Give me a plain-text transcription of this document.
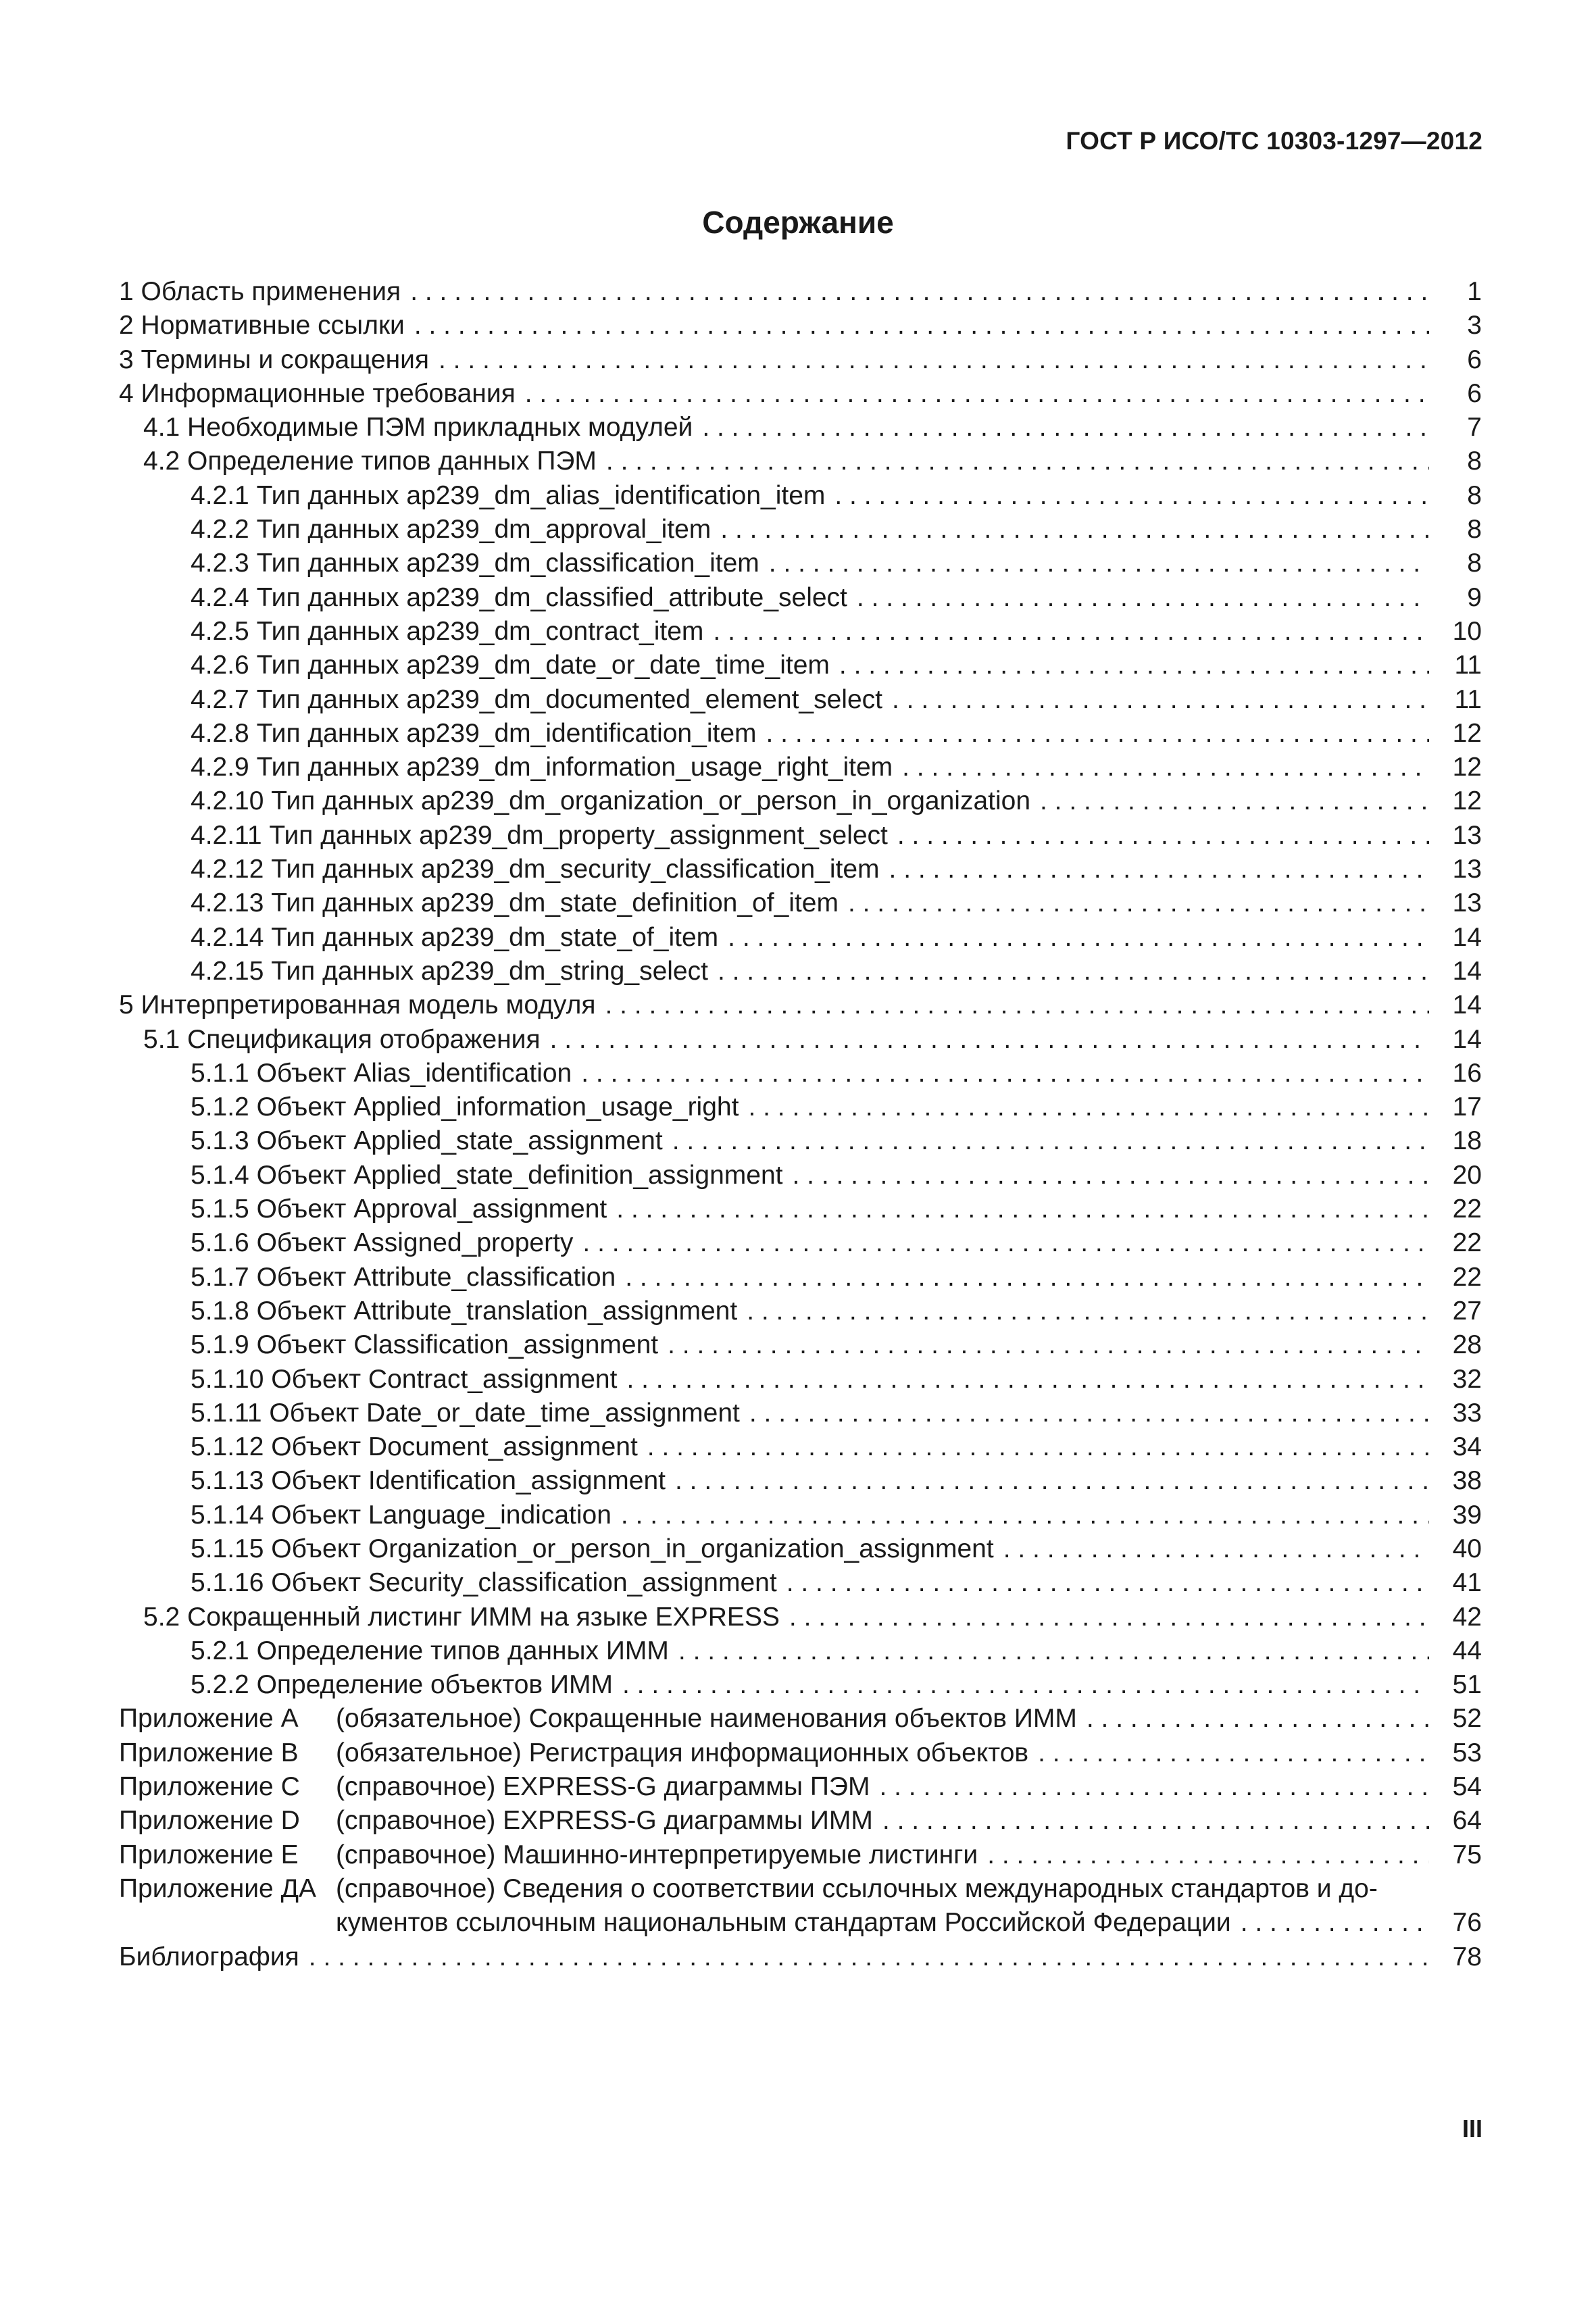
ГОСТ Р ИСО/ТС 10303-1297—2012
Содержание
1 Область применения . . .	1
2 Нормативные ссылки . . .	3
3 Термины и сокращения . . .	6
4 Информационные требования . . .	6
4.1 Необходимые ПЭМ прикладных модулей . . .	7
4.2 Определение типов данных ПЭМ . . .	8
4.2.1 Тип данных ap239_dm_alias_identification_item . . .	8
4.2.2 Тип данных ap239_dm_approval_item . . .	8
4.2.3 Тип данных ap239_dm_classification_item . . .	8
4.2.4 Тип данных ap239_dm_classified_attribute_select . . .	9
4.2.5 Тип данных ap239_dm_contract_item . . .	10
4.2.6 Тип данных ap239_dm_date_or_date_time_item . . .	11
4.2.7 Тип данных ap239_dm_documented_element_select . . .	11
4.2.8 Тип данных ap239_dm_identification_item . . .	12
4.2.9 Тип данных ap239_dm_information_usage_right_item . . .	12
4.2.10 Тип данных ap239_dm_organization_or_person_in_organization . . .	12
4.2.11 Тип данных ap239_dm_property_assignment_select . . .	13
4.2.12 Тип данных ap239_dm_security_classification_item . . .	13
4.2.13 Тип данных ap239_dm_state_definition_of_item . . .	13
4.2.14 Тип данных ap239_dm_state_of_item . . .	14
4.2.15 Тип данных ap239_dm_string_select . . .	14
5 Интерпретированная модель модуля . . .	14
5.1 Спецификация отображения . . .	14
5.1.1 Объект Alias_identification . . .	16
5.1.2 Объект Applied_information_usage_right . . .	17
5.1.3 Объект Applied_state_assignment . . .	18
5.1.4 Объект Applied_state_definition_assignment . . .	20
5.1.5 Объект Approval_assignment . . .	22
5.1.6 Объект Assigned_property . . .	22
5.1.7 Объект Attribute_classification . . .	22
5.1.8 Объект Attribute_translation_assignment . . .	27
5.1.9 Объект Classification_assignment . . .	28
5.1.10 Объект Contract_assignment . . .	32
5.1.11 Объект Date_or_date_time_assignment . . .	33
5.1.12 Объект Document_assignment . . .	34
5.1.13 Объект Identification_assignment . . .	38
5.1.14 Объект Language_indication . . .	39
5.1.15 Объект Organization_or_person_in_organization_assignment . . .	40
5.1.16 Объект Security_classification_assignment . . .	41
5.2 Сокращенный листинг ИММ на языке EXPRESS . . .	42
5.2.1 Определение типов данных ИММ . . .	44
5.2.2 Определение объектов ИММ . . .	51
Приложение А (обязательное) Сокращенные наименования объектов ИММ . . .	52
Приложение В (обязательное) Регистрация информационных объектов . . .	53
Приложение С (справочное) EXPRESS-G диаграммы ПЭМ . . .	54
Приложение D (справочное) EXPRESS-G диаграммы ИММ . . .	64
Приложение Е (справочное) Машинно-интерпретируемые листинги . . .	75
Приложение ДА (справочное) Сведения о соответствии ссылочных международных стандартов и до-
кументов ссылочным национальным стандартам Российской Федерации . . .	76
Библиография . . .	78
III
